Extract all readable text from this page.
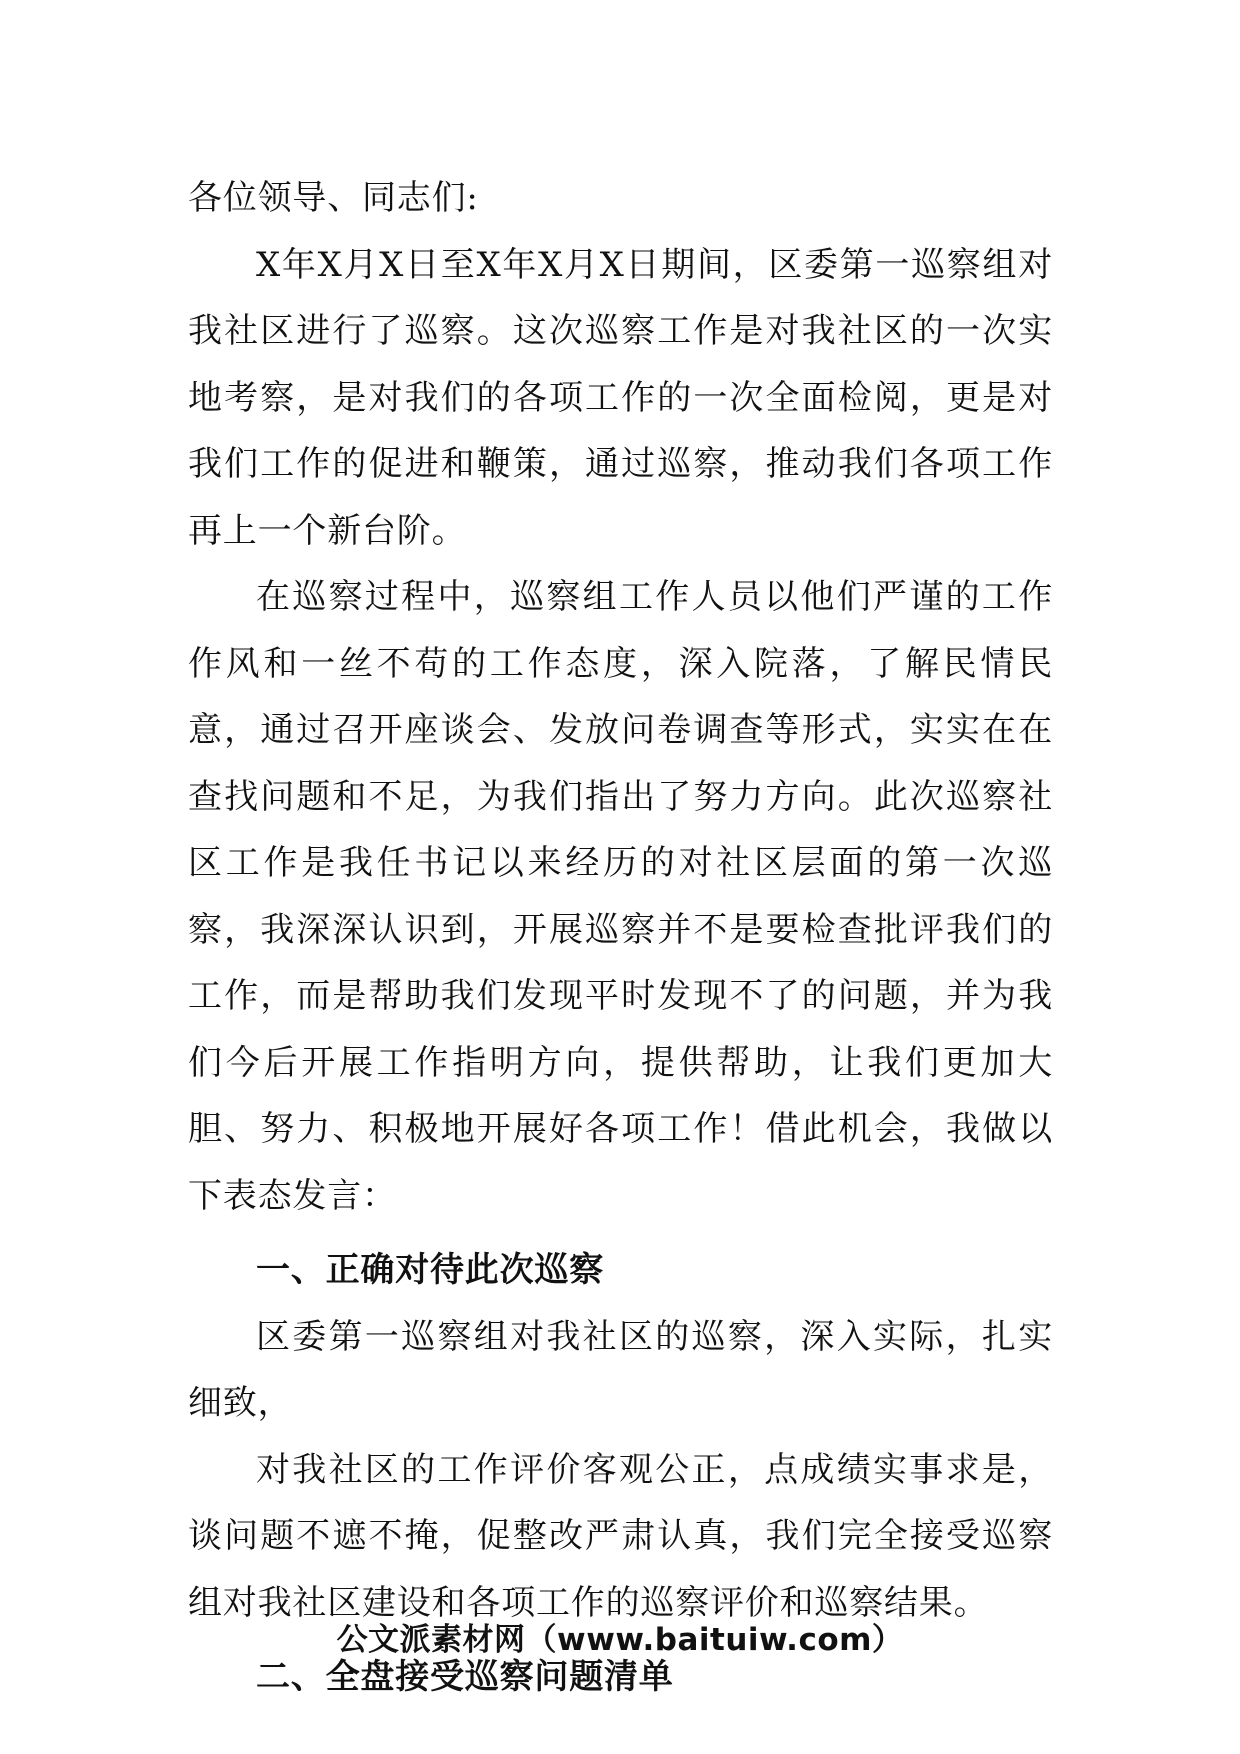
各位领导、同志们:

X年X月X日至X年X月X日期间，区委第一巡察组对我社区进行了巡察。这次巡察工作是对我社区的一次实地考察，是对我们的各项工作的一次全面检阅，更是对我们工作的促进和鞭策，通过巡察，推动我们各项工作再上一个新台阶。

在巡察过程中，巡察组工作人员以他们严谨的工作作风和一丝不苟的工作态度，深入院落，了解民情民意，通过召开座谈会、发放问卷调查等形式，实实在在查找问题和不足，为我们指出了努力方向。此次巡察社区工作是我任书记以来经历的对社区层面的第一次巡察，我深深认识到，开展巡察并不是要检查批评我们的工作，而是帮助我们发现平时发现不了的问题，并为我们今后开展工作指明方向，提供帮助，让我们更加大胆、努力、积极地开展好各项工作！借此机会，我做以下表态发言：

一、正确对待此次巡察

区委第一巡察组对我社区的巡察，深入实际，扎实细致，

对我社区的工作评价客观公正，点成绩实事求是，谈问题不遮不掩，促整改严肃认真，我们完全接受巡察组对我社区建设和各项工作的巡察评价和巡察结果。

二、全盘接受巡察问题清单

公文派素材网（www.baituiw.com）
